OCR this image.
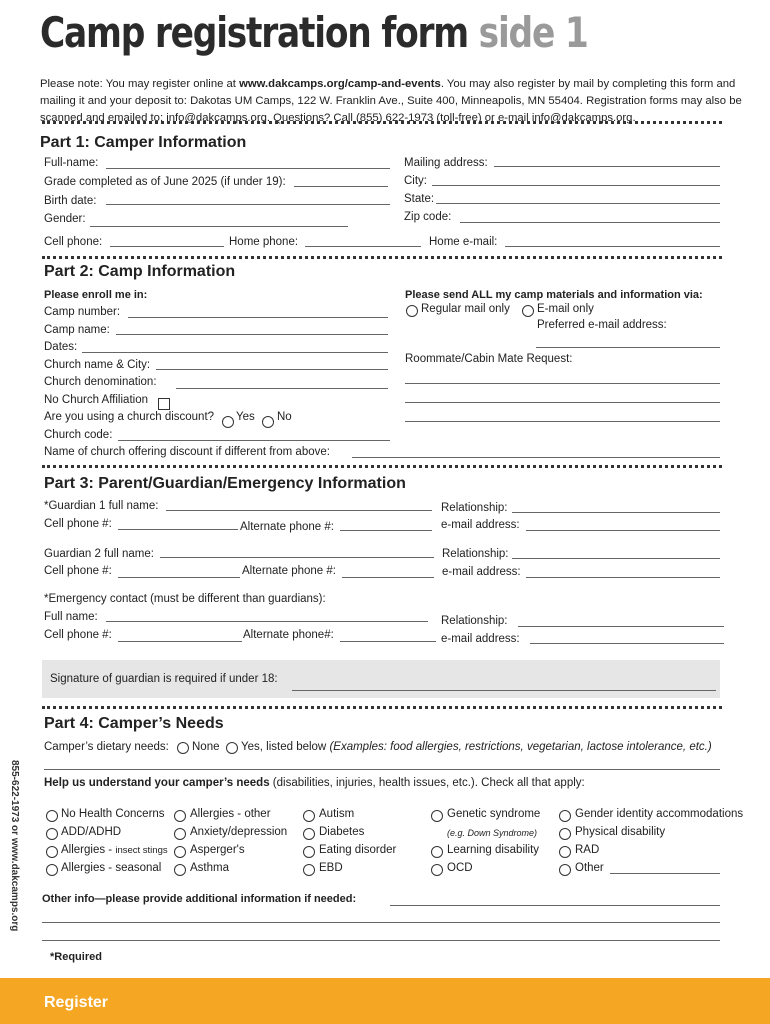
Camp registration form side 1
Please note: You may register online at www.dakcamps.org/camp-and-events. You may also register by mail by completing this form and mailing it and your deposit to: Dakotas UM Camps, 122 W. Franklin Ave., Suite 400, Minneapolis, MN 55404. Registration forms may also be scanned and emailed to: info@dakcamps.org. Questions? Call (855) 622-1973 (toll-free) or e-mail info@dakcamps.org.
Part 1: Camper Information
Full-name:
Grade completed as of June 2025 (if under 19):
Birth date:
Gender:
Mailing address:
City:
State:
Zip code:
Cell phone:	Home phone:	Home e-mail:
Part 2: Camp Information
Please enroll me in:
Camp number:
Camp name:
Dates:
Church name & City:
Church denomination:
No Church Affiliation
Are you using a church discount? Yes No
Church code:
Name of church offering discount if different from above:
Please send ALL my camp materials and information via:
Regular mail only E-mail only
Preferred e-mail address:
Roommate/Cabin Mate Request:
Part 3: Parent/Guardian/Emergency Information
*Guardian 1 full name:
Cell phone #:	Alternate phone #:
Relationship:
e-mail address:
Guardian 2 full name:
Cell phone #:	Alternate phone #:
Relationship:
e-mail address:
*Emergency contact (must be different than guardians):
Full name:
Cell phone #:	Alternate phone#:
Relationship:
e-mail address:
Signature of guardian is required if under 18:
Part 4: Camper’s Needs
Camper’s dietary needs: None Yes, listed below (Examples: food allergies, restrictions, vegetarian, lactose intolerance, etc.)
Help us understand your camper’s needs (disabilities, injuries, health issues, etc.). Check all that apply:
No Health Concerns
ADD/ADHD
Allergies - insect stings
Allergies - seasonal
Allergies - other
Anxiety/depression
Asperger's
Asthma
Autism
Diabetes
Eating disorder
EBD
Genetic syndrome
(e.g. Down Syndrome)
Learning disability
OCD
Gender identity accommodations
Physical disability
RAD
Other
Other info—please provide additional information if needed:
*Required
855-622-1973 or www.dakcamps.org
Register
